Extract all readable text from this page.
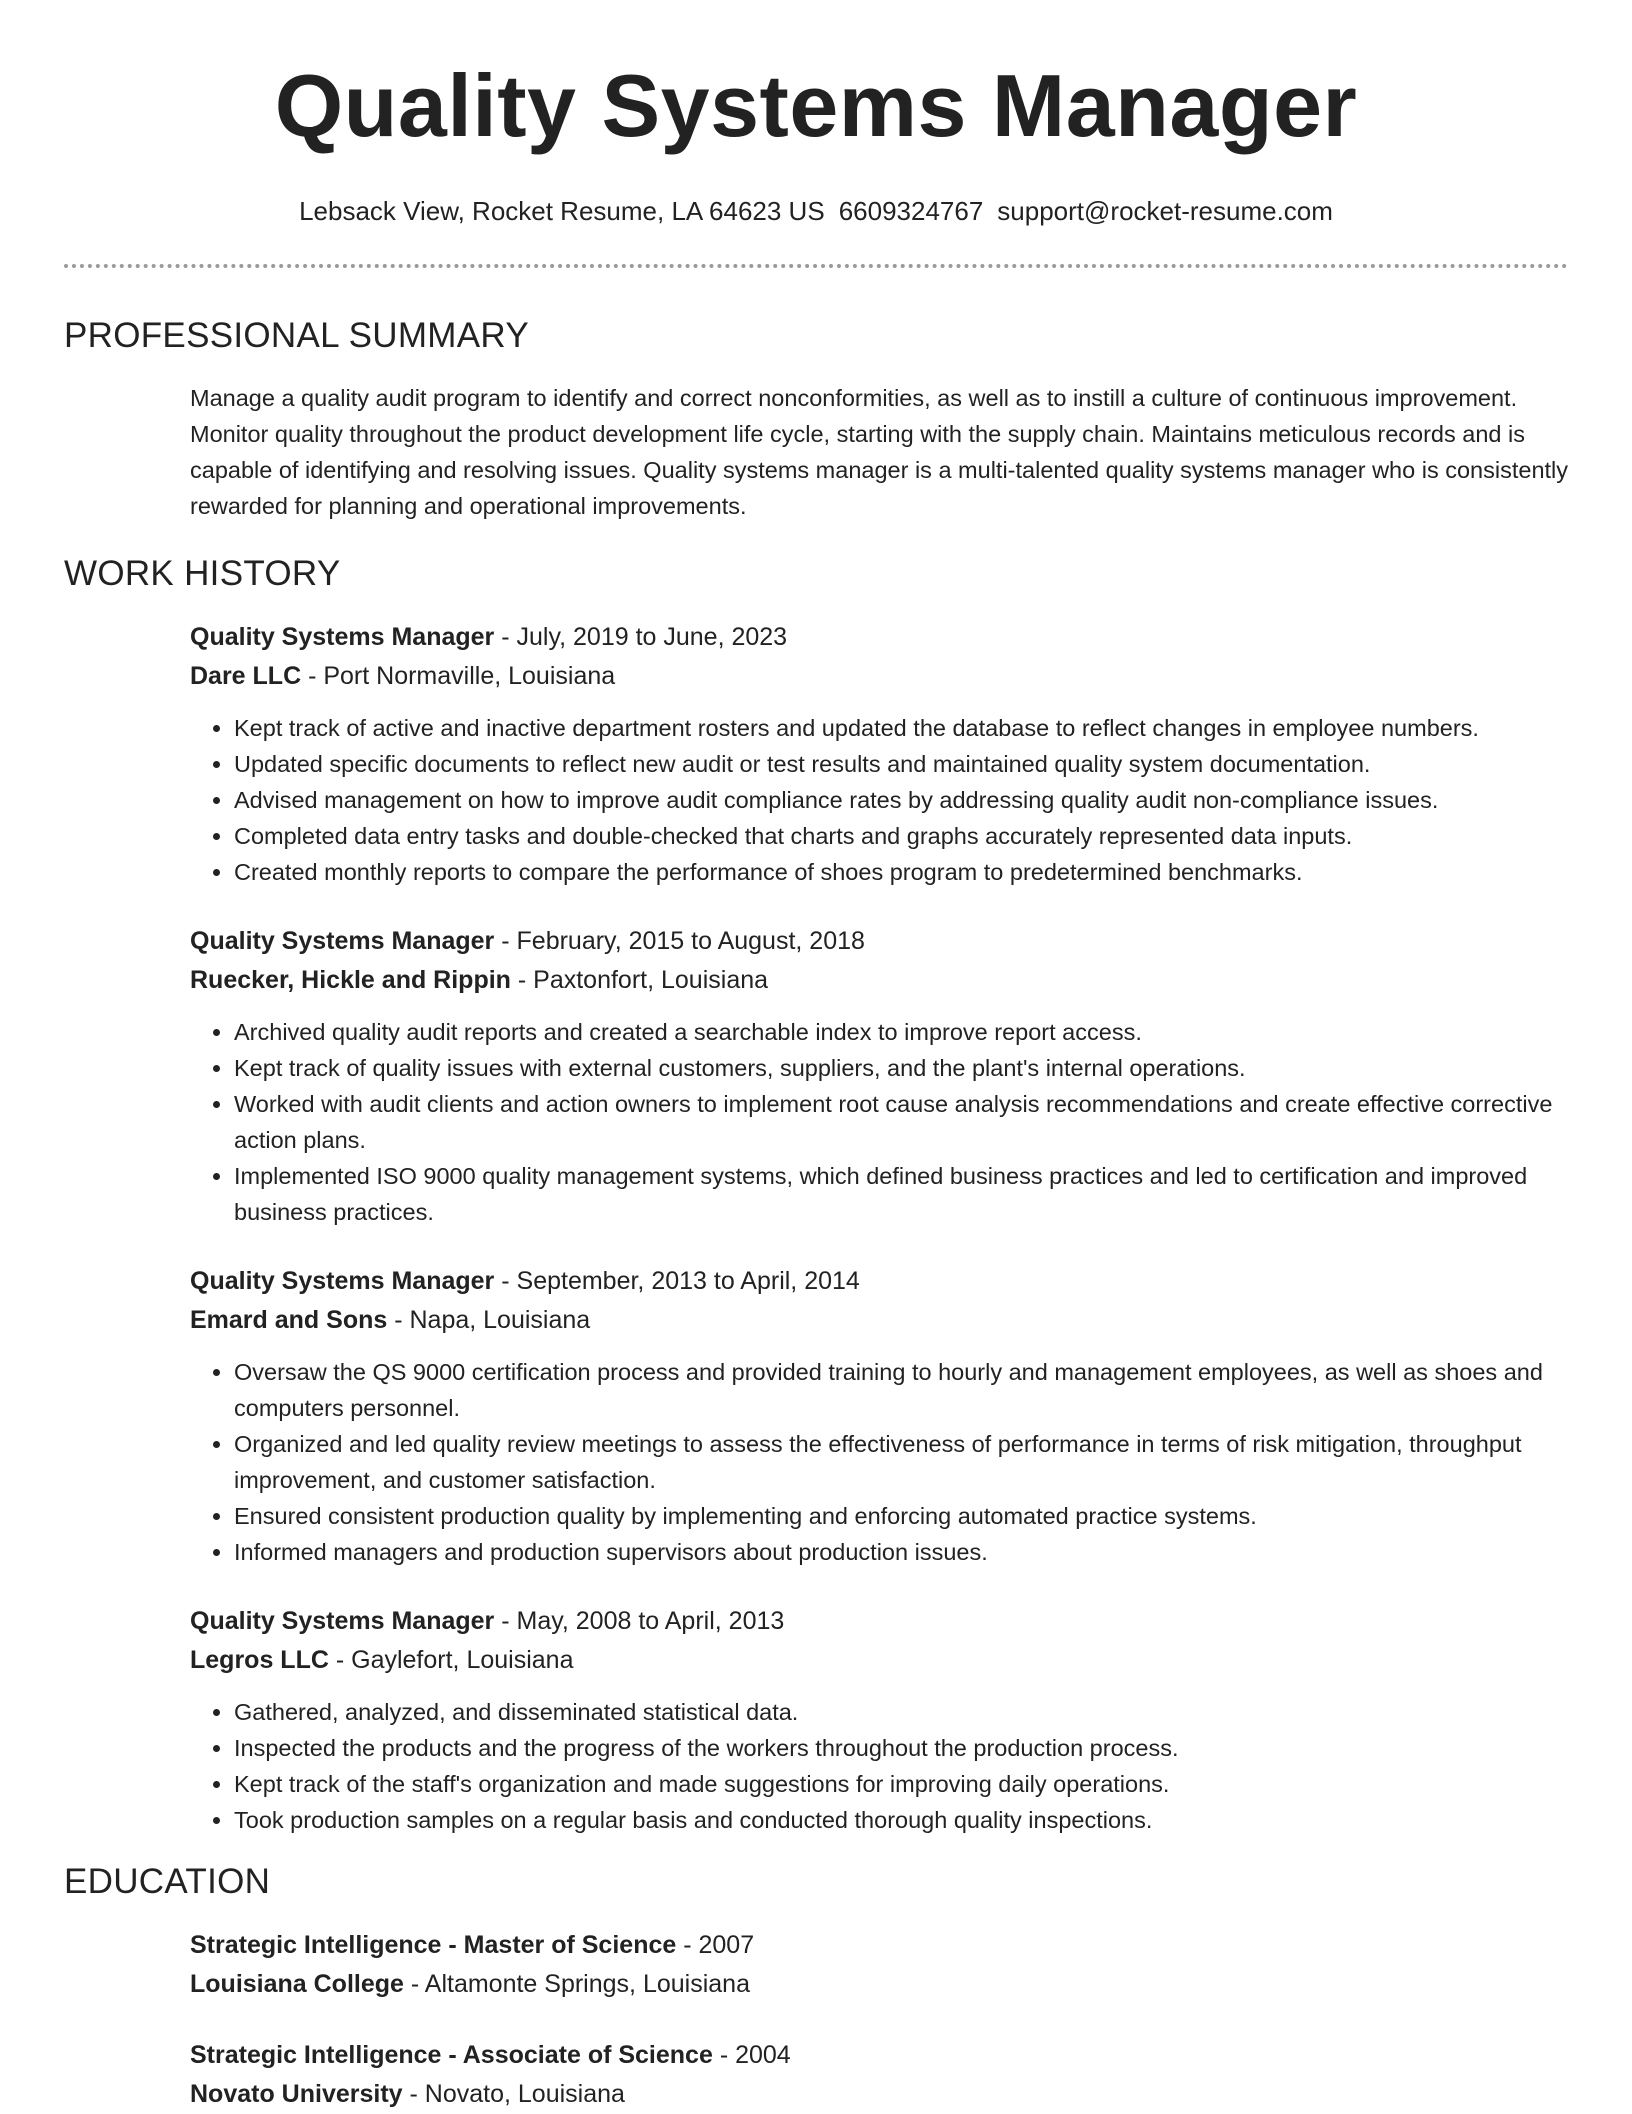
Quality Systems Manager
Lebsack View, Rocket Resume, LA 64623 US 6609324767 support@rocket-resume.com
PROFESSIONAL SUMMARY

Manage a quality audit program to identify and correct nonconformities, as well as to instill a culture of continuous improvement. Monitor quality throughout the product development life cycle, starting with the supply chain. Maintains meticulous records and is capable of identifying and resolving issues. Quality systems manager is a multi-talented quality systems manager who is consistently rewarded for planning and operational improvements.

WORK HISTORY
Quality Systems Manager - July, 2019 to June, 2023
Dare LLC - Port Normaville, Louisiana
• Kept track of active and inactive department rosters and updated the database to reflect changes in employee numbers.
• Updated specific documents to reflect new audit or test results and maintained quality system documentation.
• Advised management on how to improve audit compliance rates by addressing quality audit non-compliance issues.
• Completed data entry tasks and double-checked that charts and graphs accurately represented data inputs.
• Created monthly reports to compare the performance of shoes program to predetermined benchmarks.
Quality Systems Manager - February, 2015 to August, 2018
Ruecker, Hickle and Rippin - Paxtonfort, Louisiana
• Archived quality audit reports and created a searchable index to improve report access.
• Kept track of quality issues with external customers, suppliers, and the plant's internal operations.
• Worked with audit clients and action owners to implement root cause analysis recommendations and create effective corrective action plans.
• Implemented ISO 9000 quality management systems, which defined business practices and led to certification and improved business practices.
Quality Systems Manager - September, 2013 to April, 2014
Emard and Sons - Napa, Louisiana
• Oversaw the QS 9000 certification process and provided training to hourly and management employees, as well as shoes and computers personnel.
• Organized and led quality review meetings to assess the effectiveness of performance in terms of risk mitigation, throughput improvement, and customer satisfaction.
• Ensured consistent production quality by implementing and enforcing automated practice systems.
• Informed managers and production supervisors about production issues.
Quality Systems Manager - May, 2008 to April, 2013
Legros LLC - Gaylefort, Louisiana
• Gathered, analyzed, and disseminated statistical data.
• Inspected the products and the progress of the workers throughout the production process.
• Kept track of the staff's organization and made suggestions for improving daily operations.
• Took production samples on a regular basis and conducted thorough quality inspections.
EDUCATION
Strategic Intelligence - Master of Science - 2007
Louisiana College - Altamonte Springs, Louisiana
Strategic Intelligence - Associate of Science - 2004
Novato University - Novato, Louisiana
